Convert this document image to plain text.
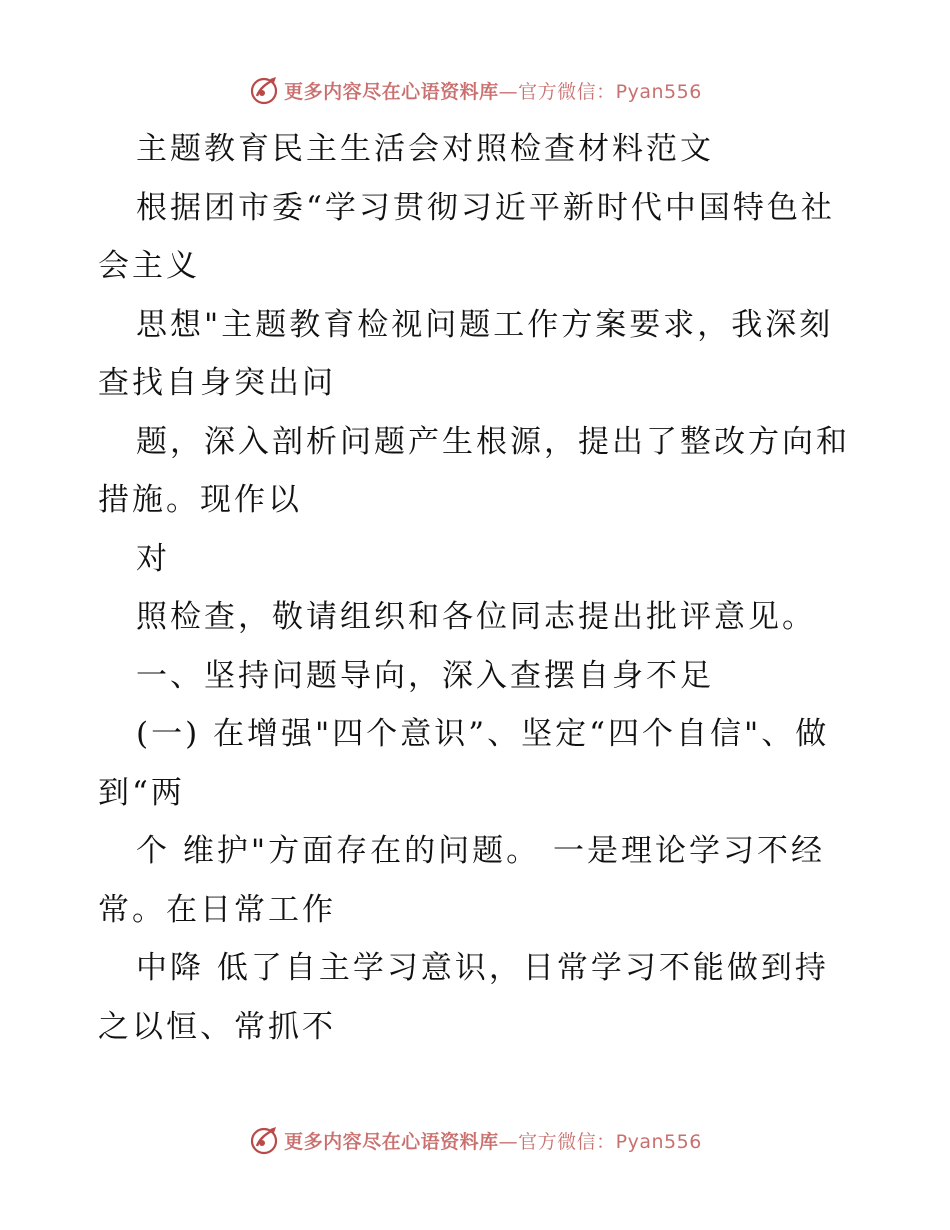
更多内容尽在心语资料库—官方微信：Pyan556
主题教育民主生活会对照检查材料范文
根据团市委“学习贯彻习近平新时代中国特色社
会主义
思想"主题教育检视问题工作方案要求，我深刻
查找自身突出问
题，深入剖析问题产生根源，提出了整改方向和
措施。现作以
对
照检查，敬请组织和各位同志提出批评意见。
一、坚持问题导向，深入查摆自身不足
(一) 在增强"四个意识”、坚定“四个自信"、做
到“两
个 维护"方面存在的问题。 一是理论学习不经
常。在日常工作
中降 低了自主学习意识，日常学习不能做到持
之以恒、常抓不
更多内容尽在心语资料库—官方微信：Pyan556
